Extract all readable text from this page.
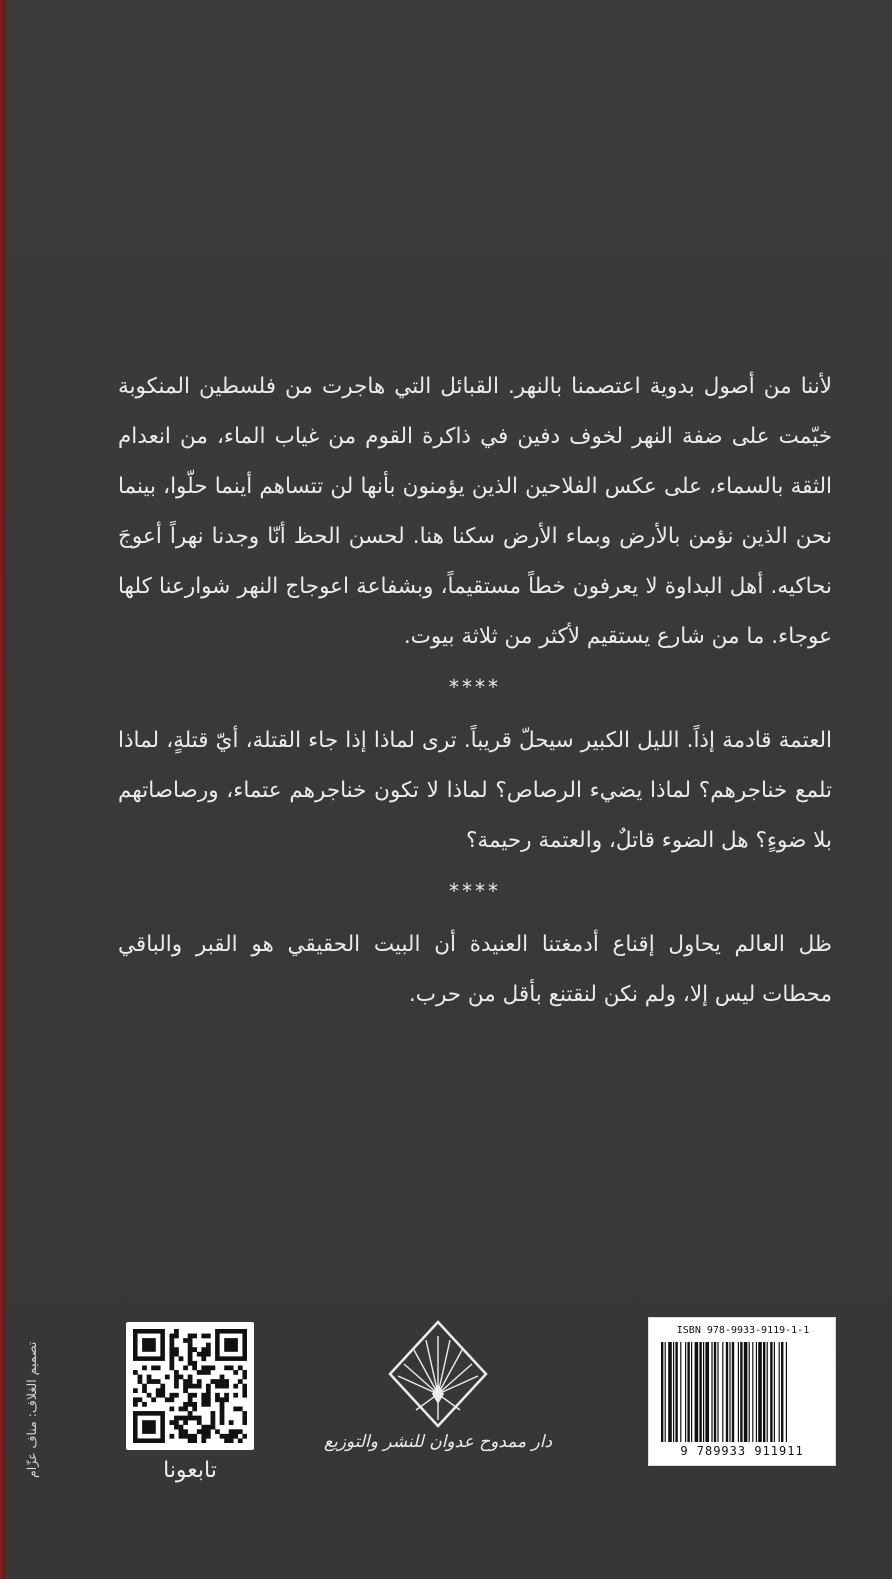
لأننا من أصول بدوية اعتصمنا بالنهر. القبائل التي هاجرت من فلسطين المنكوبة خيّمت على ضفة النهر لخوف دفين في ذاكرة القوم من غياب الماء، من انعدام الثقة بالسماء، على عكس الفلاحين الذين يؤمنون بأنها لن تتساهم أينما حلّوا، بينما نحن الذين نؤمن بالأرض وبماء الأرض سكنا هنا. لحسن الحظ أنّا وجدنا نهراً أعوجَ نحاكيه. أهل البداوة لا يعرفون خطاً مستقيماً، وبشفاعة اعوجاج النهر شوارعنا كلها عوجاء. ما من شارع يستقيم لأكثر من ثلاثة بيوت.

****

العتمة قادمة إذاً. الليل الكبير سيحلّ قريباً. ترى لماذا إذا جاء القتلة، أيّ قتلةٍ، لماذا تلمع خناجرهم؟ لماذا يضيء الرصاص؟ لماذا لا تكون خناجرهم عتماء، ورصاصاتهم بلا ضوءٍ؟ هل الضوء قاتلٌ، والعتمة رحيمة؟

****

ظل العالم يحاول إقناع أدمغتنا العنيدة أن البيت الحقيقي هو القبر والباقي محطات ليس إلا، ولم نكن لنقتنع بأقل من حرب.

ISBN 978-9933-9119-1-1
9 789933 911911
دار ممدوح عدوان للنشر والتوزيع
تابعونا
تصميم الغلاف: مناف عزّام
